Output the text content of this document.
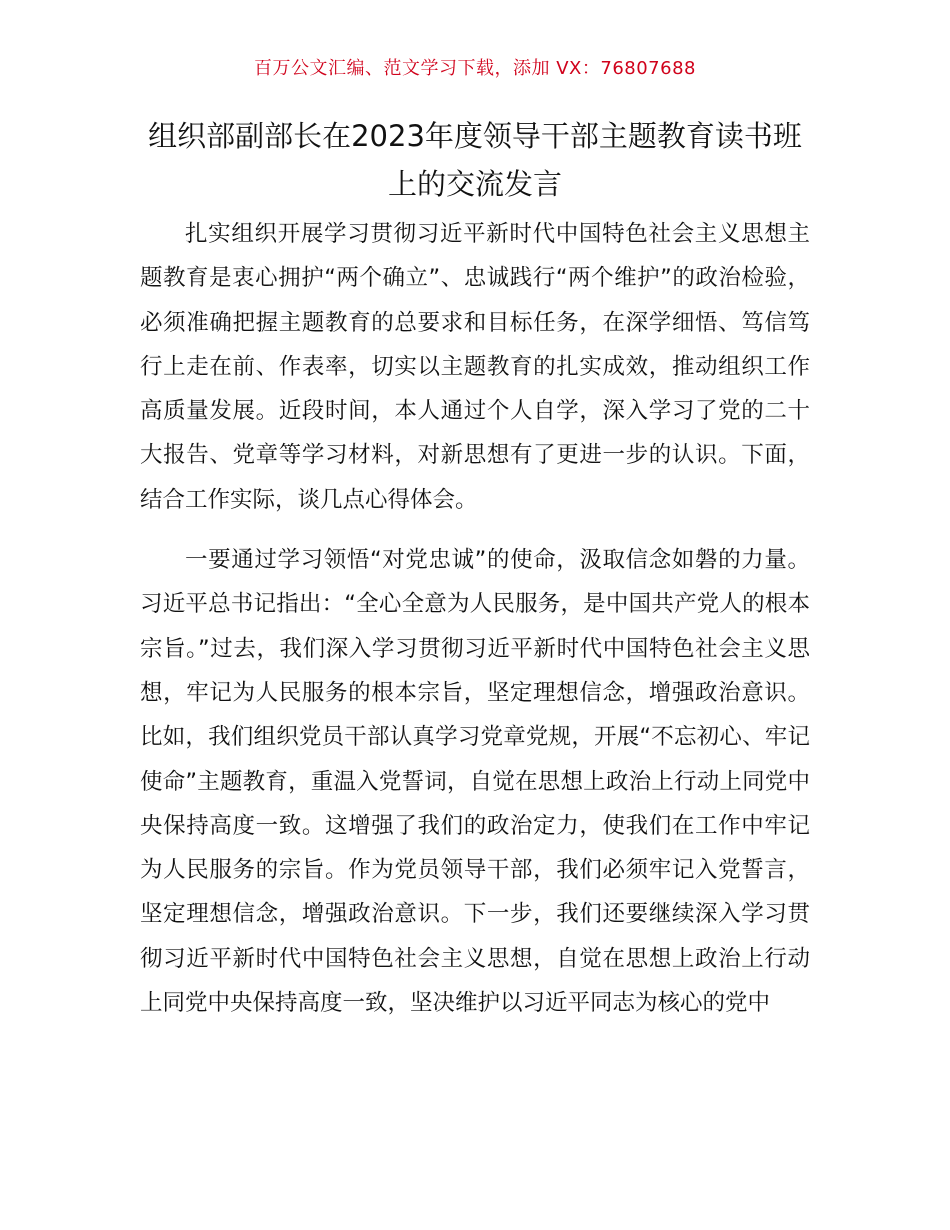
百万公文汇编、范文学习下载，添加 VX：76807688
组织部副部长在2023年度领导干部主题教育读书班上的交流发言

扎实组织开展学习贯彻习近平新时代中国特色社会主义思想主题教育是衷心拥护“两个确立”、忠诚践行“两个维护”的政治检验，必须准确把握主题教育的总要求和目标任务，在深学细悟、笃信笃行上走在前、作表率，切实以主题教育的扎实成效，推动组织工作高质量发展。近段时间，本人通过个人自学，深入学习了党的二十大报告、党章等学习材料，对新思想有了更进一步的认识。下面，结合工作实际，谈几点心得体会。

一要通过学习领悟“对党忠诚”的使命，汲取信念如磐的力量。习近平总书记指出：“全心全意为人民服务，是中国共产党人的根本宗旨。”过去，我们深入学习贯彻习近平新时代中国特色社会主义思想，牢记为人民服务的根本宗旨，坚定理想信念，增强政治意识。比如，我们组织党员干部认真学习党章党规，开展“不忘初心、牢记使命”主题教育，重温入党誓词，自觉在思想上政治上行动上同党中央保持高度一致。这增强了我们的政治定力，使我们在工作中牢记为人民服务的宗旨。作为党员领导干部，我们必须牢记入党誓言，坚定理想信念，增强政治意识。下一步，我们还要继续深入学习贯彻习近平新时代中国特色社会主义思想，自觉在思想上政治上行动上同党中央保持高度一致，坚决维护以习近平同志为核心的党中
